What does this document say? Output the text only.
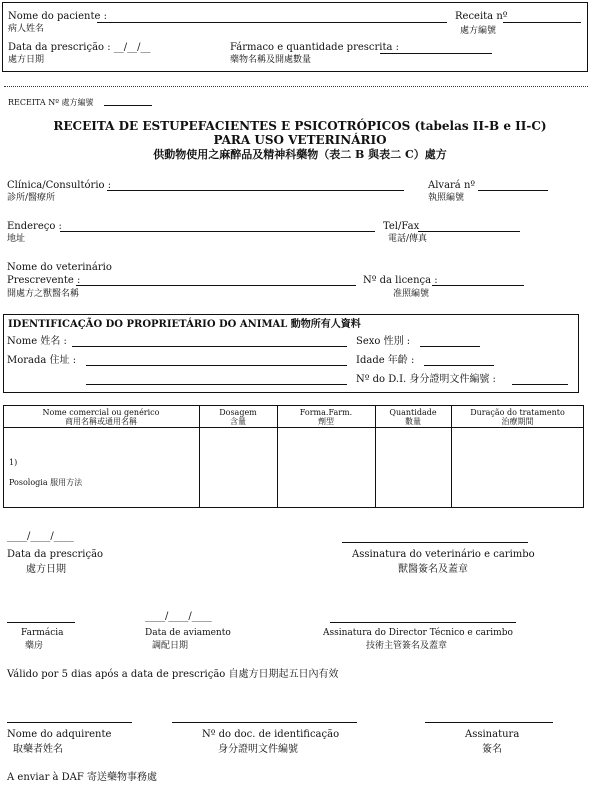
Nome do paciente :
病人姓名
Receita nº
處方編號
Data da prescrição : __/__/__
處方日期
Fármaco e quantidade prescrita :
藥物名稱及開處數量
RECEITA Nº 處方編號
RECEITA DE ESTUPEFACIENTES E PSICOTRÓPICOS (tabelas II-B e II-C)
PARA USO VETERINÁRIO
供動物使用之麻醉品及精神科藥物（表二 B 與表二 C）處方
Clínica/Consultório :
診所/醫療所
Alvará nº
執照編號
Endereço :
地址
Tel/Fax
電話/傳真
Nome do veterinário
Prescrevente :
開處方之獸醫名稱
Nº da licença :
准照編號
IDENTIFICAÇÃO DO PROPRIETÁRIO DO ANIMAL 動物所有人資料
Nome 姓名 :	Sexo 性別 :
Morada 住址 :	Idade 年齡 :
Nº do D.I. 身分證明文件編號 :
Nome comercial ou genérico
商用名稱或通用名稱
Dosagem
含量
Forma.Farm.
劑型
Quantidade
數量
Duração do tratamento
治療期間
1)
Posologia 服用方法
____/____/____
Data da prescrição
處方日期
Assinatura do veterinário e carimbo
獸醫簽名及蓋章
____/____/____
Farmácia
藥房
Data de aviamento
調配日期
Assinatura do Director Técnico e carimbo
技術主管簽名及蓋章
Válido por 5 dias após a data de prescrição 自處方日期起五日內有效
Nome do adquirente
取藥者姓名
Nº do doc. de identificação
身分證明文件編號
Assinatura
簽名
A enviar à DAF 寄送藥物事務處
